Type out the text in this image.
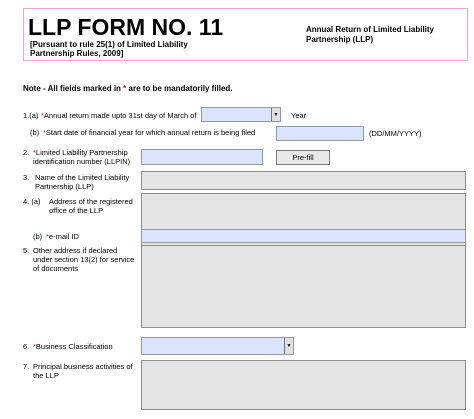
LLP FORM NO. 11
[Pursuant to rule 25(1) of Limited Liability Partnership Rules, 2009]
Annual Return of Limited Liability Partnership (LLP)
Note - All fields marked in * are to be mandatorily filled.
1.(a) *Annual return made upto 31st day of March of	▼ Year
(b) *Start date of financial year for which annual return is being filed	(DD/MM/YYYY)
2. *Limited Liability Partnership identification number (LLPIN)	Pre-fill
3. Name of the Limited Liability Partnership (LLP)
4. (a) Address of the registered office of the LLP
(b) *e-mail ID
5. Other address if declared under section 13(2) for service of documents
6. *Business Classification	▼
7. Principal business activities of the LLP
